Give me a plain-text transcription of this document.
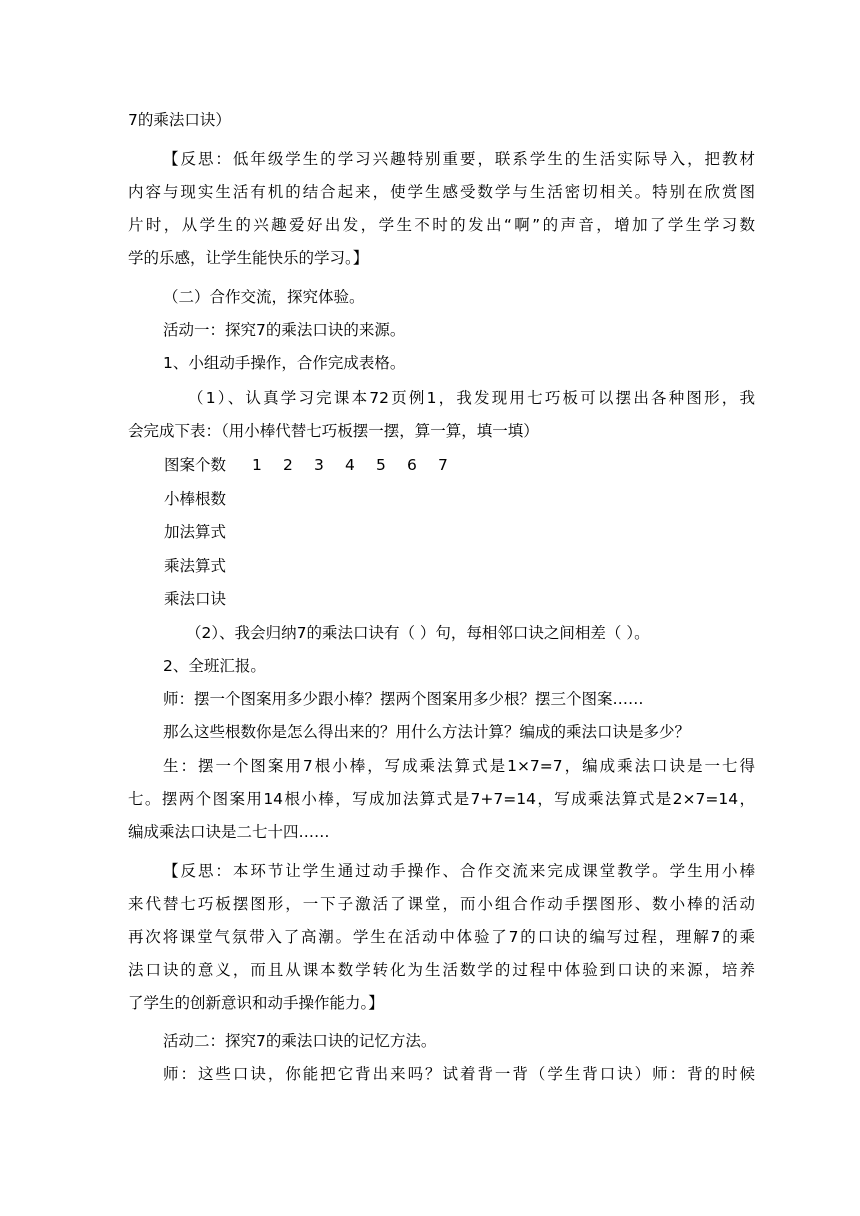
7的乘法口诀）
【反思：低年级学生的学习兴趣特别重要，联系学生的生活实际导入，把教材
内容与现实生活有机的结合起来，使学生感受数学与生活密切相关。特别在欣赏图
片时，从学生的兴趣爱好出发，学生不时的发出“啊”的声音，增加了学生学习数
学的乐感，让学生能快乐的学习。】
（二）合作交流，探究体验。
活动一：探究7的乘法口诀的来源。
1、小组动手操作，合作完成表格。
（1）、认真学习完课本72页例1，我发现用七巧板可以摆出各种图形，我
会完成下表：（用小棒代替七巧板摆一摆，算一算，填一填）
图案个数 1 2 3 4 5 6 7
小棒根数
加法算式
乘法算式
乘法口诀
（2）、我会归纳7的乘法口诀有（ ）句，每相邻口诀之间相差（ ）。
2、全班汇报。
师：摆一个图案用多少跟小棒？摆两个图案用多少根？摆三个图案……
那么这些根数你是怎么得出来的？用什么方法计算？编成的乘法口诀是多少？
生：摆一个图案用7根小棒，写成乘法算式是1×7=7，编成乘法口诀是一七得
七。摆两个图案用14根小棒，写成加法算式是7+7=14，写成乘法算式是2×7=14，
编成乘法口诀是二七十四……
【反思：本环节让学生通过动手操作、合作交流来完成课堂教学。学生用小棒
来代替七巧板摆图形，一下子激活了课堂，而小组合作动手摆图形、数小棒的活动
再次将课堂气氛带入了高潮。学生在活动中体验了7的口诀的编写过程，理解7的乘
法口诀的意义，而且从课本数学转化为生活数学的过程中体验到口诀的来源，培养
了学生的创新意识和动手操作能力。】
活动二：探究7的乘法口诀的记忆方法。
师：这些口诀，你能把它背出来吗？试着背一背（学生背口诀）师：背的时候
